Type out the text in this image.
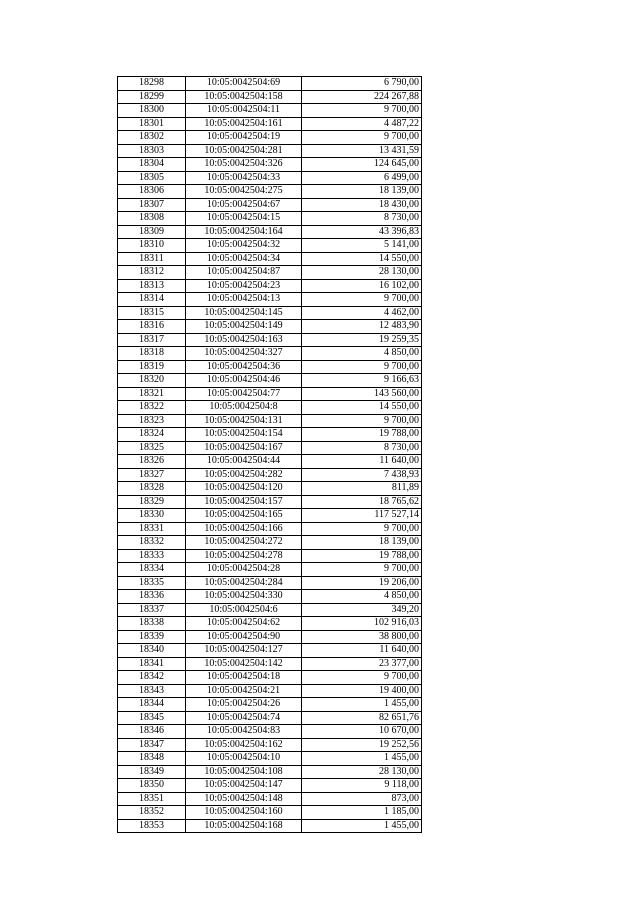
18298	10:05:0042504:69	6 790,00
18299	10:05:0042504:158	224 267,88
18300	10:05:0042504:11	9 700,00
18301	10:05:0042504:161	4 487,22
18302	10:05:0042504:19	9 700,00
18303	10:05:0042504:281	13 431,59
18304	10:05:0042504:326	124 645,00
18305	10:05:0042504:33	6 499,00
18306	10:05:0042504:275	18 139,00
18307	10:05:0042504:67	18 430,00
18308	10:05:0042504:15	8 730,00
18309	10:05:0042504:164	43 396,83
18310	10:05:0042504:32	5 141,00
18311	10:05:0042504:34	14 550,00
18312	10:05:0042504:87	28 130,00
18313	10:05:0042504:23	16 102,00
18314	10:05:0042504:13	9 700,00
18315	10:05:0042504:145	4 462,00
18316	10:05:0042504:149	12 483,90
18317	10:05:0042504:163	19 259,35
18318	10:05:0042504:327	4 850,00
18319	10:05:0042504:36	9 700,00
18320	10:05:0042504:46	9 166,63
18321	10:05:0042504:77	143 560,00
18322	10:05:0042504:8	14 550,00
18323	10:05:0042504:131	9 700,00
18324	10:05:0042504:154	19 788,00
18325	10:05:0042504:167	8 730,00
18326	10:05:0042504:44	11 640,00
18327	10:05:0042504:282	7 438,93
18328	10:05:0042504:120	811,89
18329	10:05:0042504:157	18 765,62
18330	10:05:0042504:165	117 527,14
18331	10:05:0042504:166	9 700,00
18332	10:05:0042504:272	18 139,00
18333	10:05:0042504:278	19 788,00
18334	10:05:0042504:28	9 700,00
18335	10:05:0042504:284	19 206,00
18336	10:05:0042504:330	4 850,00
18337	10:05:0042504:6	349,20
18338	10:05:0042504:62	102 916,03
18339	10:05:0042504:90	38 800,00
18340	10:05:0042504:127	11 640,00
18341	10:05:0042504:142	23 377,00
18342	10:05:0042504:18	9 700,00
18343	10:05:0042504:21	19 400,00
18344	10:05:0042504:26	1 455,00
18345	10:05:0042504:74	82 651,76
18346	10:05:0042504:83	10 670,00
18347	10:05:0042504:162	19 252,56
18348	10:05:0042504:10	1 455,00
18349	10:05:0042504:108	28 130,00
18350	10:05:0042504:147	9 118,00
18351	10:05:0042504:148	873,00
18352	10:05:0042504:160	1 185,00
18353	10:05:0042504:168	1 455,00
